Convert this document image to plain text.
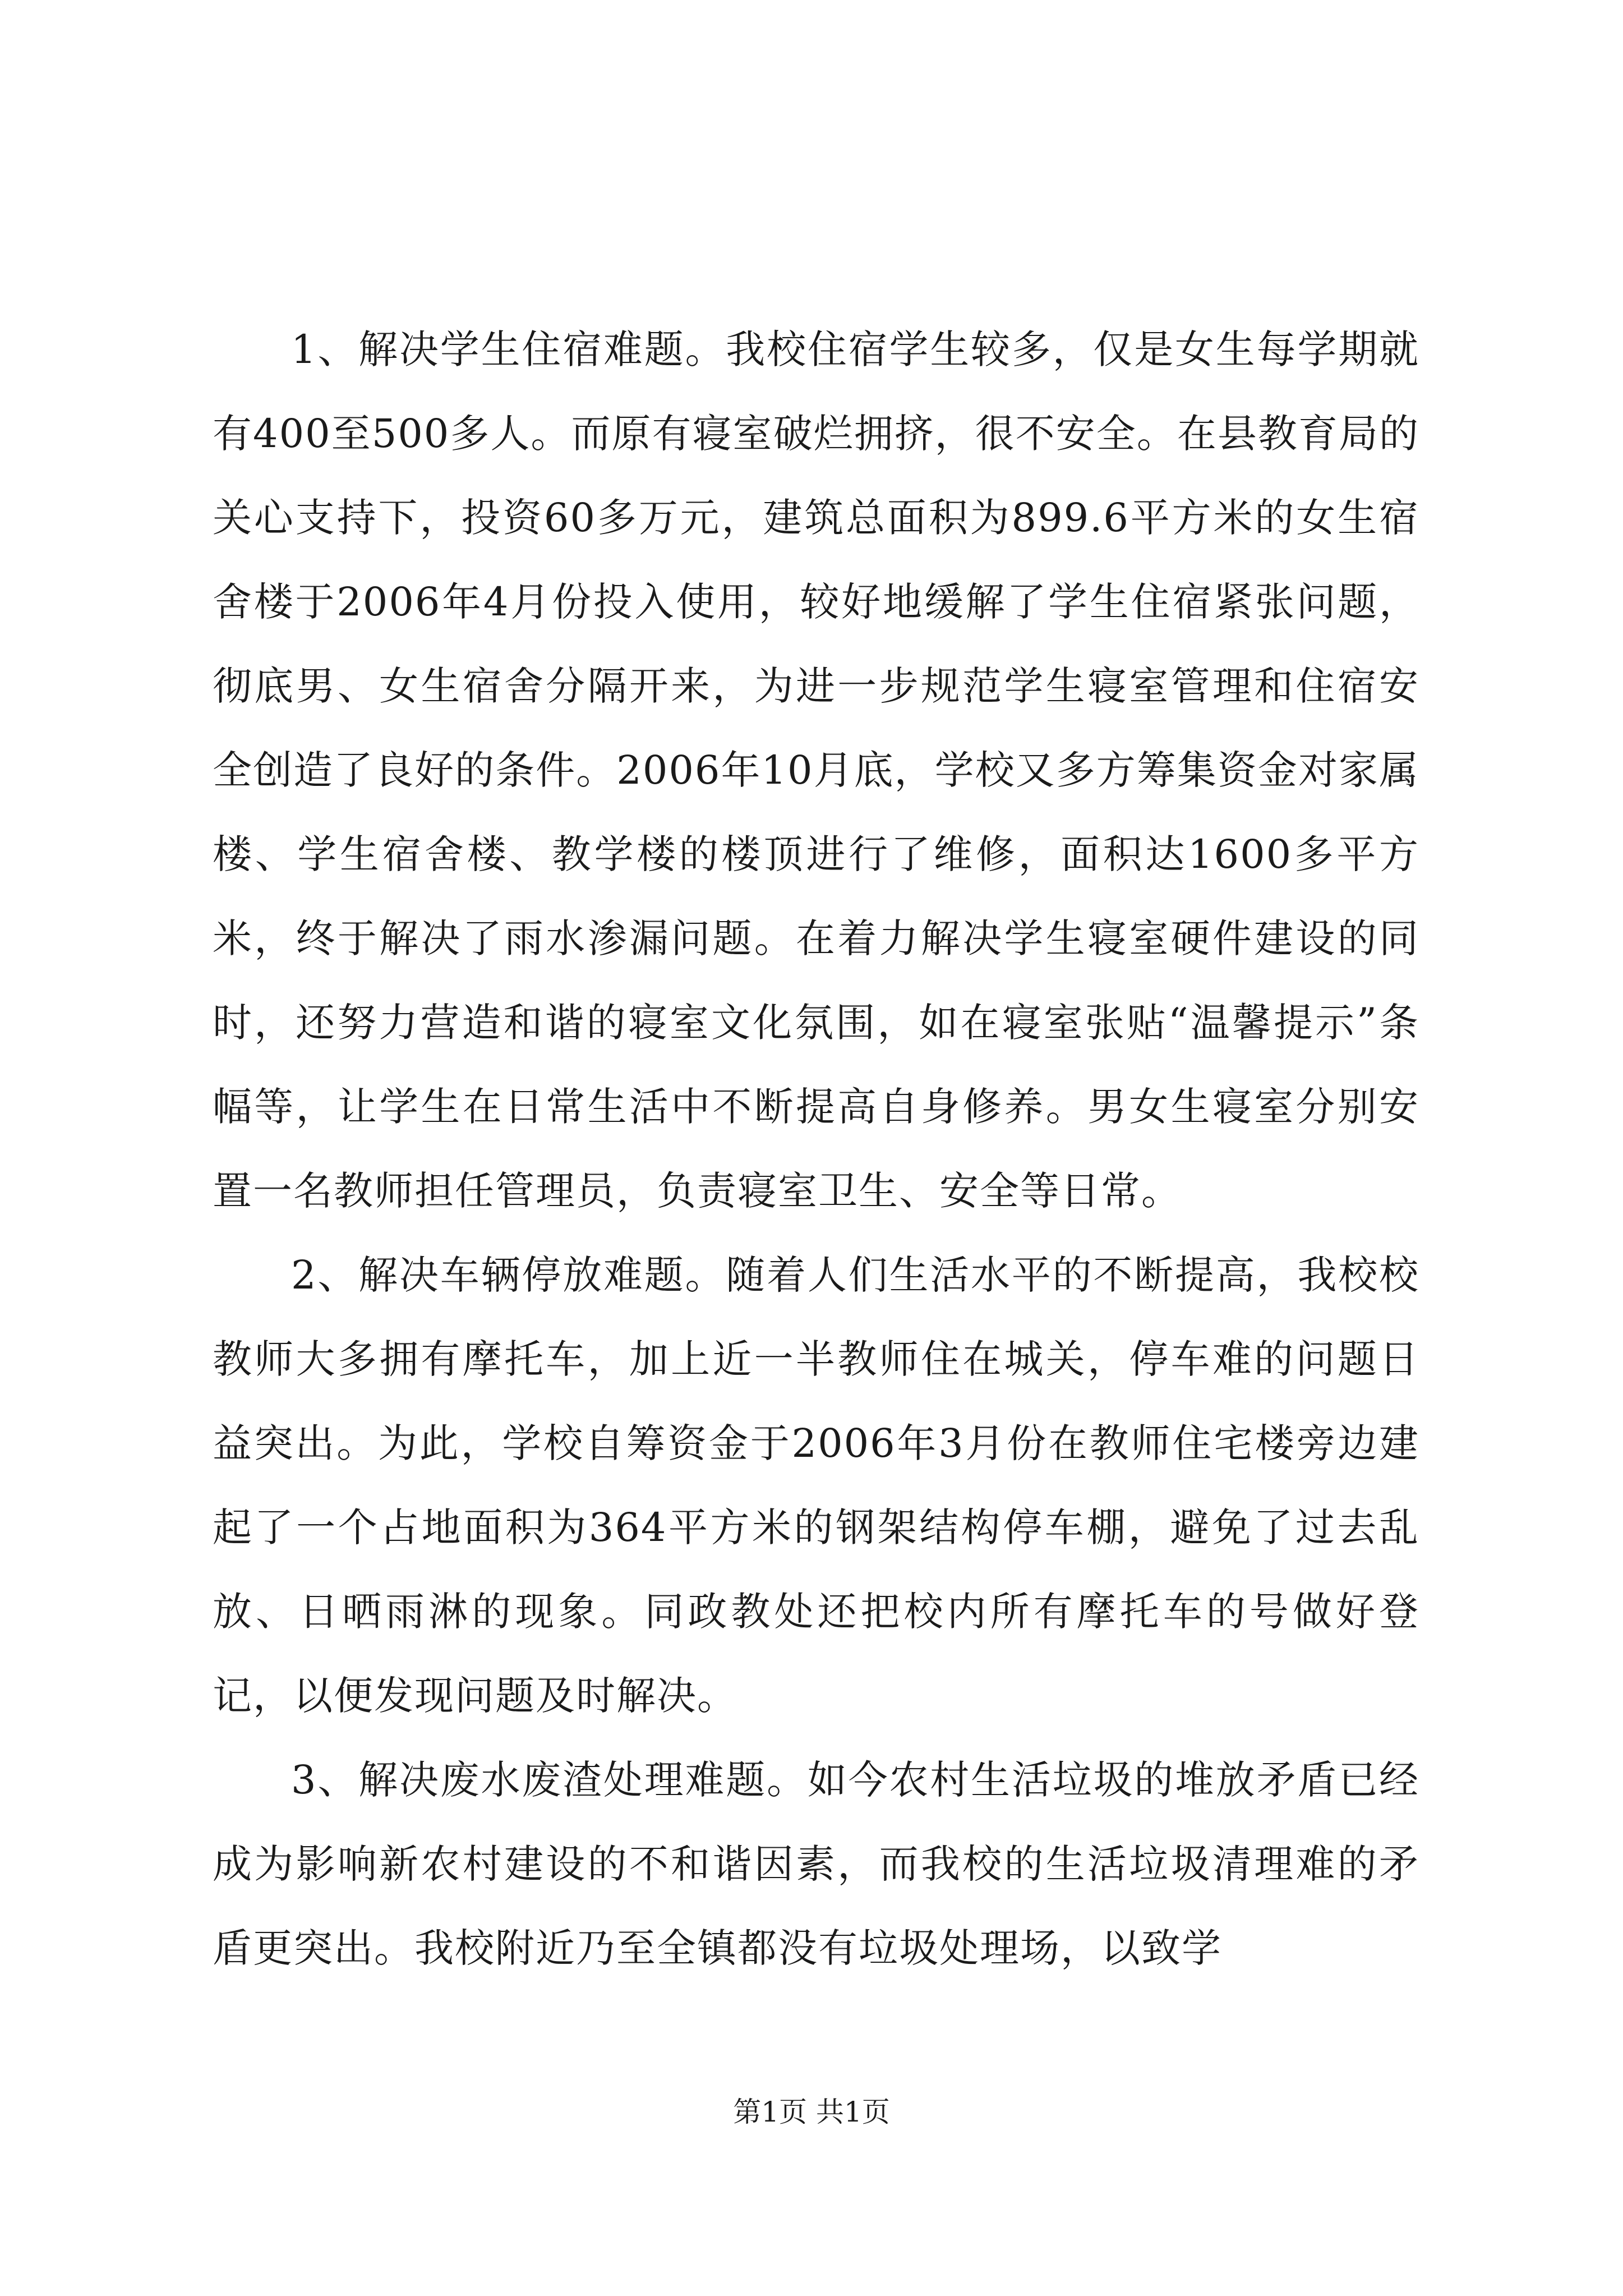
1、解决学生住宿难题。我校住宿学生较多，仅是女生每学期就有400至500多人。而原有寝室破烂拥挤，很不安全。在县教育局的关心支持下，投资60多万元，建筑总面积为899.6平方米的女生宿舍楼于2006年4月份投入使用，较好地缓解了学生住宿紧张问题，彻底男、女生宿舍分隔开来，为进一步规范学生寝室管理和住宿安全创造了良好的条件。2006年10月底，学校又多方筹集资金对家属楼、学生宿舍楼、教学楼的楼顶进行了维修，面积达1600多平方米，终于解决了雨水渗漏问题。在着力解决学生寝室硬件建设的同时，还努力营造和谐的寝室文化氛围，如在寝室张贴“温馨提示”条幅等，让学生在日常生活中不断提高自身修养。男女生寝室分别安置一名教师担任管理员，负责寝室卫生、安全等日常。

2、解决车辆停放难题。随着人们生活水平的不断提高，我校校教师大多拥有摩托车，加上近一半教师住在城关，停车难的问题日益突出。为此，学校自筹资金于2006年3月份在教师住宅楼旁边建起了一个占地面积为364平方米的钢架结构停车棚，避免了过去乱放、日晒雨淋的现象。同政教处还把校内所有摩托车的号做好登记，以便发现问题及时解决。

3、解决废水废渣处理难题。如今农村生活垃圾的堆放矛盾已经成为影响新农村建设的不和谐因素，而我校的生活垃圾清理难的矛盾更突出。我校附近乃至全镇都没有垃圾处理场，以致学

第1页 共1页
